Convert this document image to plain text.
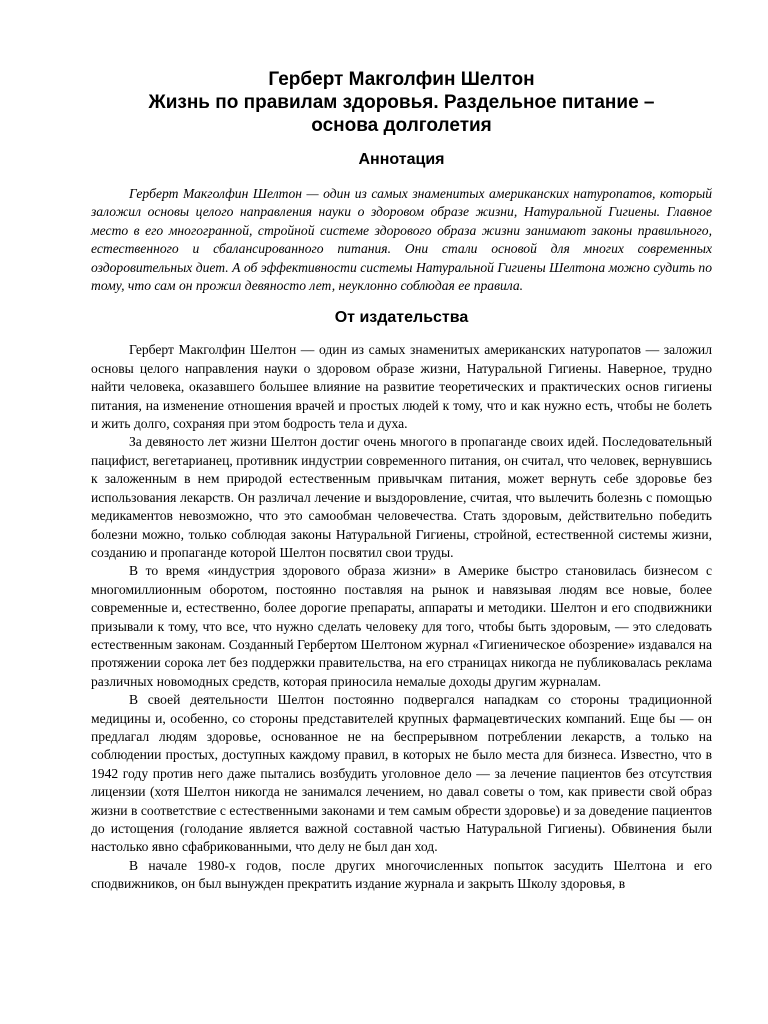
Герберт Макголфин Шелтон
Жизнь по правилам здоровья. Раздельное питание –
основа долголетия
Аннотация

Герберт Макголфин Шелтон — один из самых знаменитых американских натуропатов, который заложил основы целого направления науки о здоровом образе жизни, Натуральной Гигиены. Главное место в его многогранной, стройной системе здорового образа жизни занимают законы правильного, естественного и сбалансированного питания. Они стали основой для многих современных оздоровительных диет. А об эффективности системы Натуральной Гигиены Шелтона можно судить по тому, что сам он прожил девяносто лет, неуклонно соблюдая ее правила.

От издательства

Герберт Макголфин Шелтон — один из самых знаменитых американских натуропатов — заложил основы целого направления науки о здоровом образе жизни, Натуральной Гигиены. Наверное, трудно найти человека, оказавшего большее влияние на развитие теоретических и практических основ гигиены питания, на изменение отношения врачей и простых людей к тому, что и как нужно есть, чтобы не болеть и жить долго, сохраняя при этом бодрость тела и духа.

За девяносто лет жизни Шелтон достиг очень многого в пропаганде своих идей. Последовательный пацифист, вегетарианец, противник индустрии современного питания, он считал, что человек, вернувшись к заложенным в нем природой естественным привычкам питания, может вернуть себе здоровье без использования лекарств. Он различал лечение и выздоровление, считая, что вылечить болезнь с помощью медикаментов невозможно, что это самообман человечества. Стать здоровым, действительно победить болезни можно, только соблюдая законы Натуральной Гигиены, стройной, естественной системы жизни, созданию и пропаганде которой Шелтон посвятил свои труды.

В то время «индустрия здорового образа жизни» в Америке быстро становилась бизнесом с многомиллионным оборотом, постоянно поставляя на рынок и навязывая людям все новые, более современные и, естественно, более дорогие препараты, аппараты и методики. Шелтон и его сподвижники призывали к тому, что все, что нужно сделать человеку для того, чтобы быть здоровым, — это следовать естественным законам. Созданный Гербертом Шелтоном журнал «Гигиеническое обозрение» издавался на протяжении сорока лет без поддержки правительства, на его страницах никогда не публиковалась реклама различных новомодных средств, которая приносила немалые доходы другим журналам.

В своей деятельности Шелтон постоянно подвергался нападкам со стороны традиционной медицины и, особенно, со стороны представителей крупных фармацевтических компаний. Еще бы — он предлагал людям здоровье, основанное не на беспрерывном потреблении лекарств, а только на соблюдении простых, доступных каждому правил, в которых не было места для бизнеса. Известно, что в 1942 году против него даже пытались возбудить уголовное дело — за лечение пациентов без отсутствия лицензии (хотя Шелтон никогда не занимался лечением, но давал советы о том, как привести свой образ жизни в соответствие с естественными законами и тем самым обрести здоровье) и за доведение пациентов до истощения (голодание является важной составной частью Натуральной Гигиены). Обвинения были настолько явно сфабрикованными, что делу не был дан ход.

В начале 1980-х годов, после других многочисленных попыток засудить Шелтона и его сподвижников, он был вынужден прекратить издание журнала и закрыть Школу здоровья, в
